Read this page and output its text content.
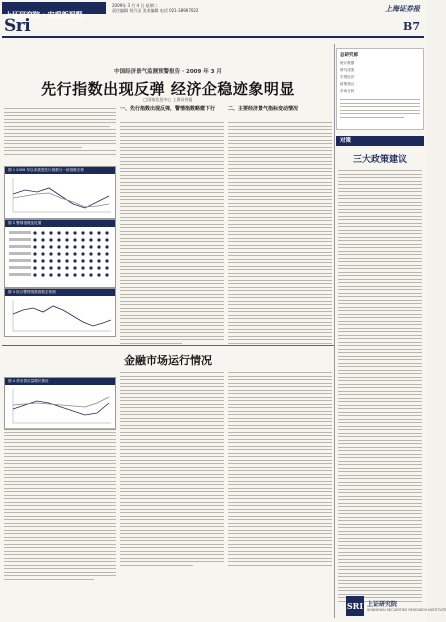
上证研究院 · 宏观新视野
Sri
2009年 3 月 4 日 星期二
责任编辑 刘月灵 美术编辑 电话 021-38967022	上海证券报
B7
中国经济景气监测预警报告 · 2009 年 3 月
先行指数出现反弹 经济企稳迹象明显
□国家信息中心 上海证券报
图 1 2009 年以来我国先行指数与一致指数走势
图 2 警情指数变化图
图 3 综合警情指数指数走势图
图 4 货币供应量增长情况
一、先行指数出现反弹，警情指数略微下行	二、主要经济景气指标变动情况
金融市场运行情况
总研究部
统计数据
研究成果
宏观经济
政策建议
市场分析
对策
三大政策建议
SRI 上证研究院
SHANGHAI SECURITIES RESEARCH INSTITUTE
